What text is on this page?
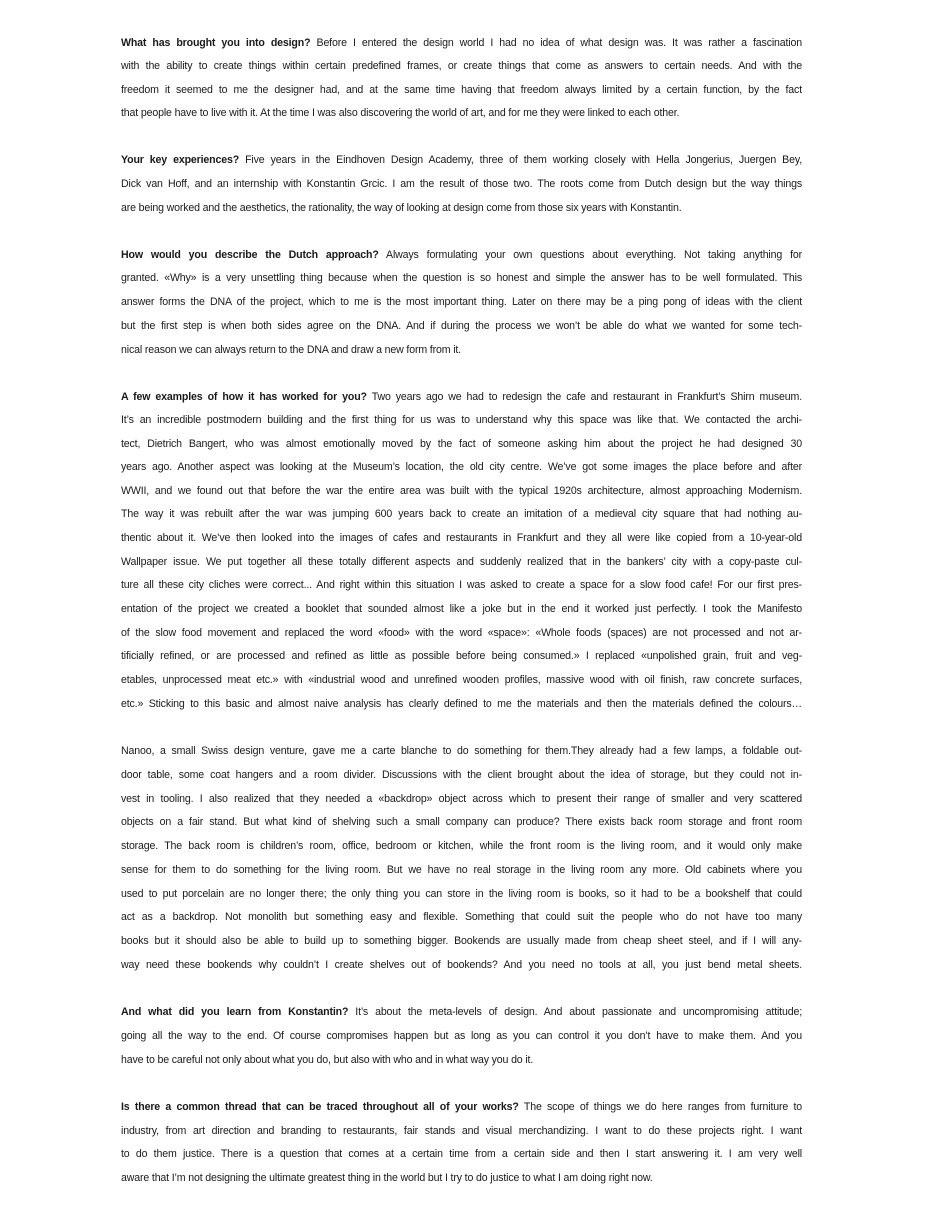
What has brought you into design? Before I entered the design world I had no idea of what design was. It was rather a fascination
with the ability to create things within certain predefined frames, or create things that come as answers to certain needs. And with the
freedom it seemed to me the designer had, and at the same time having that freedom always limited by a certain function, by the fact
that people have to live with it. At the time I was also discovering the world of art, and for me they were linked to each other.
Your key experiences? Five years in the Eindhoven Design Academy, three of them working closely with Hella Jongerius, Juergen Bey,
Dick van Hoff, and an internship with Konstantin Grcic. I am the result of those two. The roots come from Dutch design but the way things
are being worked and the aesthetics, the rationality, the way of looking at design come from those six years with Konstantin.
How would you describe the Dutch approach? Always formulating your own questions about everything. Not taking anything for
granted. «Why» is a very unsettling thing because when the question is so honest and simple the answer has to be well formulated. This
answer forms the DNA of the project, which to me is the most important thing. Later on there may be a ping pong of ideas with the client
but the first step is when both sides agree on the DNA. And if during the process we won’t be able do what we wanted for some tech-
nical reason we can always return to the DNA and draw a new form from it.
A few examples of how it has worked for you? Two years ago we had to redesign the cafe and restaurant in Frankfurt’s Shirn museum.
It’s an incredible postmodern building and the first thing for us was to understand why this space was like that. We contacted the archi-
tect, Dietrich Bangert, who was almost emotionally moved by the fact of someone asking him about the project he had designed 30
years ago. Another aspect was looking at the Museum’s location, the old city centre. We’ve got some images the place before and after
WWII, and we found out that before the war the entire area was built with the typical 1920s architecture, almost approaching Modernism.
The way it was rebuilt after the war was jumping 600 years back to create an imitation of a medieval city square that had nothing au-
thentic about it. We’ve then looked into the images of cafes and restaurants in Frankfurt and they all were like copied from a 10-year-old
Wallpaper issue. We put together all these totally different aspects and suddenly realized that in the bankers’ city with a copy-paste cul-
ture all these city cliches were correct... And right within this situation I was asked to create a space for a slow food cafe! For our first pres-
entation of the project we created a booklet that sounded almost like a joke but in the end it worked just perfectly. I took the Manifesto
of the slow food movement and replaced the word «food» with the word «space»: «Whole foods (spaces) are not processed and not ar-
tificially refined, or are processed and refined as little as possible before being consumed.» I replaced «unpolished grain, fruit and veg-
etables, unprocessed meat etc.» with «industrial wood and unrefined wooden profiles, massive wood with oil finish, raw concrete surfaces,
etc.» Sticking to this basic and almost naive analysis has clearly defined to me the materials and then the materials defined the colours…
Nanoo, a small Swiss design venture, gave me a carte blanche to do something for them.They already had a few lamps, a foldable out-
door table, some coat hangers and a room divider. Discussions with the client brought about the idea of storage, but they could not in-
vest in tooling. I also realized that they needed a «backdrop» object across which to present their range of smaller and very scattered
objects on a fair stand. But what kind of shelving such a small company can produce? There exists back room storage and front room
storage. The back room is children’s room, office, bedroom or kitchen, while the front room is the living room, and it would only make
sense for them to do something for the living room. But we have no real storage in the living room any more. Old cabinets where you
used to put porcelain are no longer there; the only thing you can store in the living room is books, so it had to be a bookshelf that could
act as a backdrop. Not monolith but something easy and flexible. Something that could suit the people who do not have too many
books but it should also be able to build up to something bigger. Bookends are usually made from cheap sheet steel, and if I will any-
way need these bookends why couldn’t I create shelves out of bookends? And you need no tools at all, you just bend metal sheets.
And what did you learn from Konstantin? It’s about the meta-levels of design. And about passionate and uncompromising attitude;
going all the way to the end. Of course compromises happen but as long as you can control it you don’t have to make them. And you
have to be careful not only about what you do, but also with who and in what way you do it.
Is there a common thread that can be traced throughout all of your works? The scope of things we do here ranges from furniture to
industry, from art direction and branding to restaurants, fair stands and visual merchandizing. I want to do these projects right. I want
to do them justice. There is a question that comes at a certain time from a certain side and then I start answering it. I am very well
aware that I’m not designing the ultimate greatest thing in the world but I try to do justice to what I am doing right now.
